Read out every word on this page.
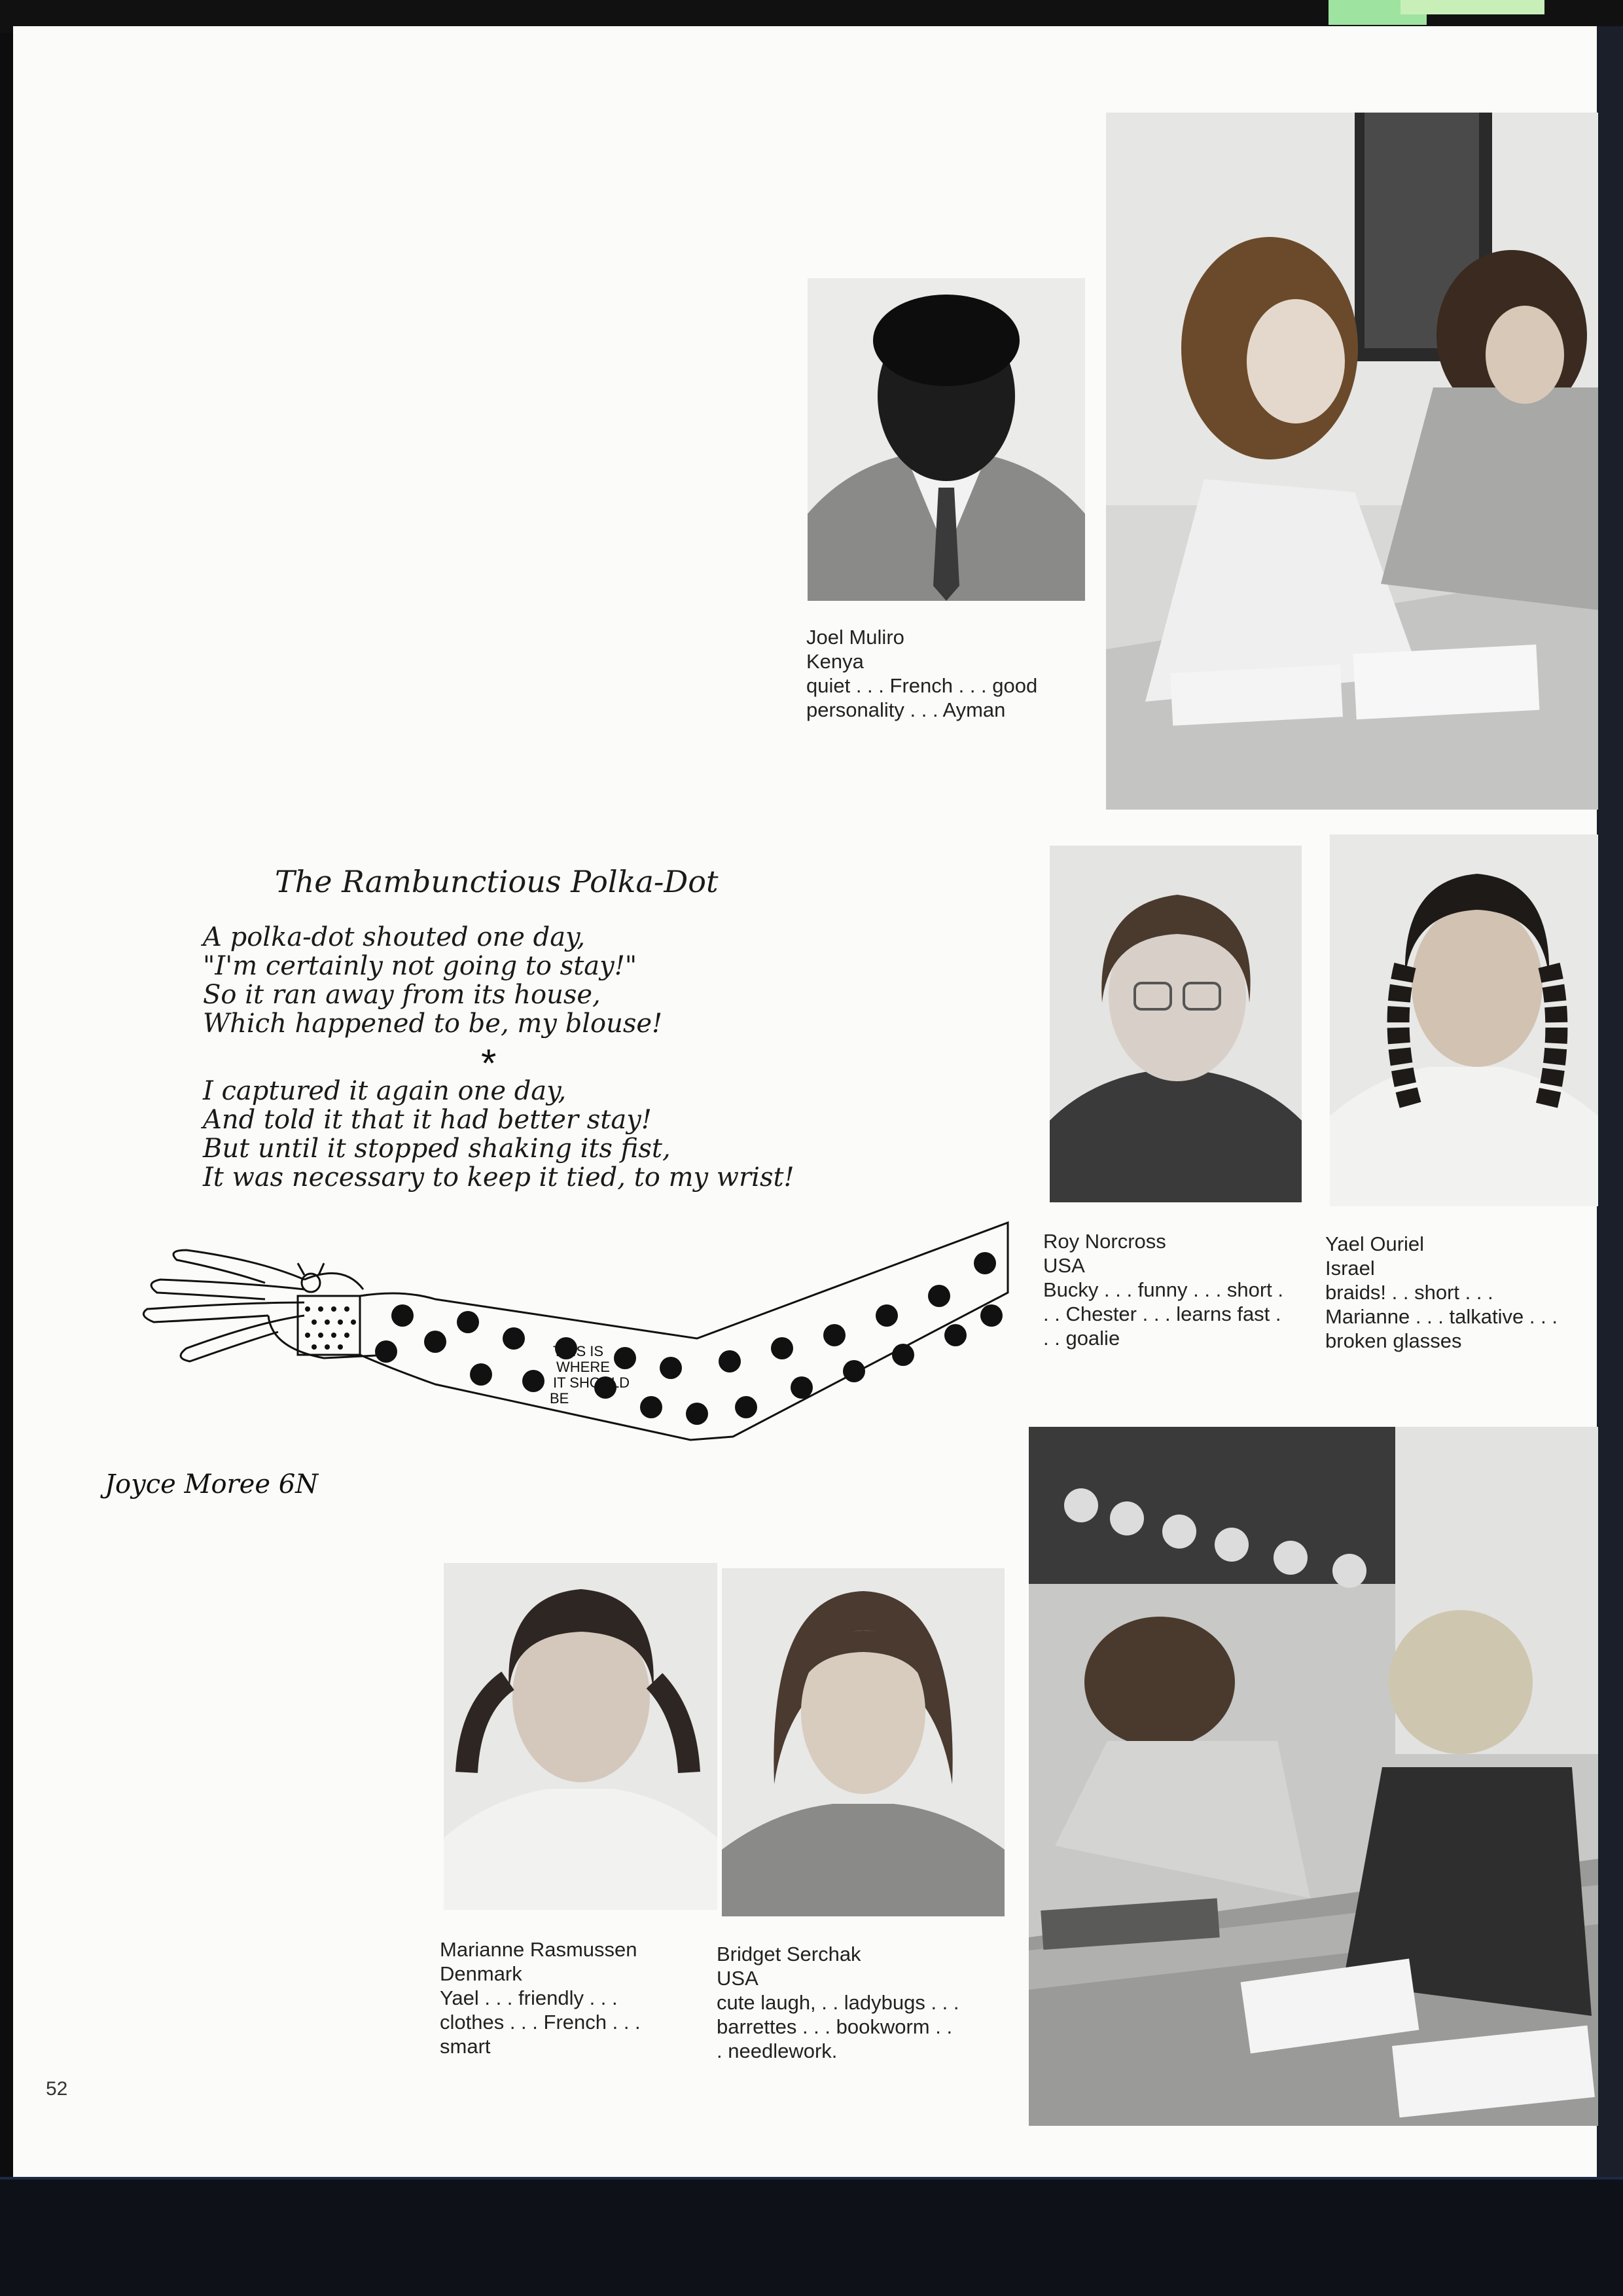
Joel Muliro
Kenya
quiet . . . French . . . good
personality . . . Ayman
The Rambunctious Polka-Dot
A polka-dot shouted one day,
"I'm certainly not going to stay!"
So it ran away from its house,
Which happened to be, my blouse!
*
I captured it again one day,
And told it that it had better stay!
But until it stopped shaking its fist,
It was necessary to keep it tied, to my wrist!
THIS IS
WHERE
IT SHOULD
BE
Joyce Moree 6N
Roy Norcross
USA
Bucky . . . funny . . . short .
. . Chester . . . learns fast .
. . goalie
Yael Ouriel
Israel
braids! . . short . . .
Marianne . . . talkative . . .
broken glasses
Marianne Rasmussen
Denmark
Yael . . . friendly . . .
clothes . . . French . . .
smart
Bridget Serchak
USA
cute laugh, . . ladybugs . . .
barrettes . . . bookworm . .
. needlework.
52
